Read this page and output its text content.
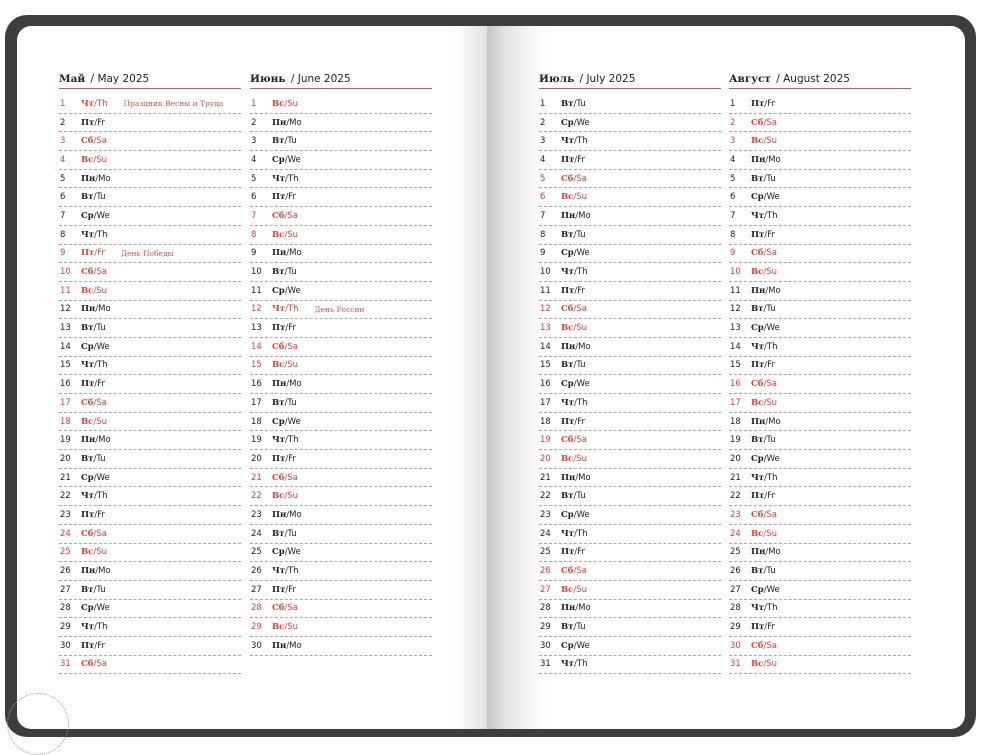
Май / May 2025
1	Чт / Th Праздник Весны и Труда
2	Пт / Fr
3	Сб / Sa
4	Вс / Su
5	Пн / Mo
6	Вт / Tu
7	Ср / We
8	Чт / Th
9	Пт / Fr День Победы
10	Сб / Sa
11	Вс / Su
12	Пн / Mo
13	Вт / Tu
14	Ср / We
15	Чт / Th
16	Пт / Fr
17	Сб / Sa
18	Вс / Su
19	Пн / Mo
20	Вт / Tu
21	Ср / We
22	Чт / Th
23	Пт / Fr
24	Сб / Sa
25	Вс / Su
26	Пн / Mo
27	Вт / Tu
28	Ср / We
29	Чт / Th
30	Пт / Fr
31	Сб / Sa
Июнь / June 2025
1	Вс / Su
2	Пн / Mo
3	Вт / Tu
4	Ср / We
5	Чт / Th
6	Пт / Fr
7	Сб / Sa
8	Вс / Su
9	Пн / Mo
10	Вт / Tu
11	Ср / We
12	Чт / Th День России
13	Пт / Fr
14	Сб / Sa
15	Вс / Su
16	Пн / Mo
17	Вт / Tu
18	Ср / We
19	Чт / Th
20	Пт / Fr
21	Сб / Sa
22	Вс / Su
23	Пн / Mo
24	Вт / Tu
25	Ср / We
26	Чт / Th
27	Пт / Fr
28	Сб / Sa
29	Вс / Su
30	Пн / Mo
Июль / July 2025
1	Вт / Tu
2	Ср / We
3	Чт / Th
4	Пт / Fr
5	Сб / Sa
6	Вс / Su
7	Пн / Mo
8	Вт / Tu
9	Ср / We
10	Чт / Th
11	Пт / Fr
12	Сб / Sa
13	Вс / Su
14	Пн / Mo
15	Вт / Tu
16	Ср / We
17	Чт / Th
18	Пт / Fr
19	Сб / Sa
20	Вс / Su
21	Пн / Mo
22	Вт / Tu
23	Ср / We
24	Чт / Th
25	Пт / Fr
26	Сб / Sa
27	Вс / Su
28	Пн / Mo
29	Вт / Tu
30	Ср / We
31	Чт / Th
Август / August 2025
1	Пт / Fr
2	Сб / Sa
3	Вс / Su
4	Пн / Mo
5	Вт / Tu
6	Ср / We
7	Чт / Th
8	Пт / Fr
9	Сб / Sa
10	Вс / Su
11	Пн / Mo
12	Вт / Tu
13	Ср / We
14	Чт / Th
15	Пт / Fr
16	Сб / Sa
17	Вс / Su
18	Пн / Mo
19	Вт / Tu
20	Ср / We
21	Чт / Th
22	Пт / Fr
23	Сб / Sa
24	Вс / Su
25	Пн / Mo
26	Вт / Tu
27	Ср / We
28	Чт / Th
29	Пт / Fr
30	Сб / Sa
31	Вс / Su
